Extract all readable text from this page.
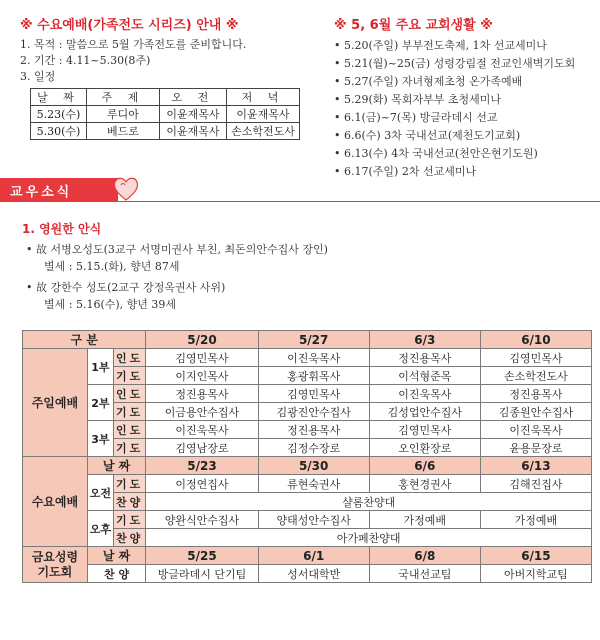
※ 수요예배(가족전도 시리즈) 안내 ※
1. 목적 : 말씀으로 5월 가족전도를 준비합니다.
2. 기간 : 4.11~5.30(8주)
3. 일정
날 짜	주 제	오 전	저 녁
5.23(수)	루디아	이윤재목사	이윤재목사
5.30(수)	베드로	이윤재목사	손소학전도사
※ 5, 6월 주요 교회생활 ※
• 5.20(주일) 부부전도축제, 1차 선교세미나
• 5.21(월)~25(금) 성령강림절 전교인새벽기도회
• 5.27(주일) 자녀형제초청 온가족예배
• 5.29(화) 목회자부부 초청세미나
• 6.1(금)~7(목) 방글라데시 선교
• 6.6(수) 3차 국내선교(제천도기교회)
• 6.13(수) 4차 국내선교(천안은현기도원)
• 6.17(주일) 2차 선교세미나
교우소식
1. 영원한 안식
• 故 서병오성도(3교구 서명미권사 부친, 최돈의안수집사 장인)
별세 : 5.15.(화), 향년 87세
• 故 강한수 성도(2교구 강정옥권사 사위)
별세 : 5.16(수), 향년 39세
구 분			5/20	5/27	6/3	6/10
주일예배	1부	인도	김영민목사	이진욱목사	정진용목사	김영민목사
		기도	이지인목사	홍광휘목사	이석형준목	손소학전도사
	2부	인도	정진용목사	김영민목사	이진욱목사	정진용목사
		기도	이금용안수집사	김광진안수집사	김성업안수집사	김종원안수집사
	3부	인도	이진욱목사	정진용목사	김영민목사	이진욱목사
		기도	김영남장로	김정수장로	오인환장로	윤용문장로
수요예배	날 짜		5/23	5/30	6/6	6/13
	오전	기도	이정연집사	류현숙권사	홍현경권사	김해진집사
		찬양	샬롬찬양대			
	오후	기도	양완식안수집사	양태성안수집사	가정예배	가정예배
		찬양	아가페찬양대			

금요성령
기도회	날 짜		5/25	6/1	6/8	6/15
	찬 양		방글라데시 단기팀	성서대학반	국내선교팀	아버지학교팀
